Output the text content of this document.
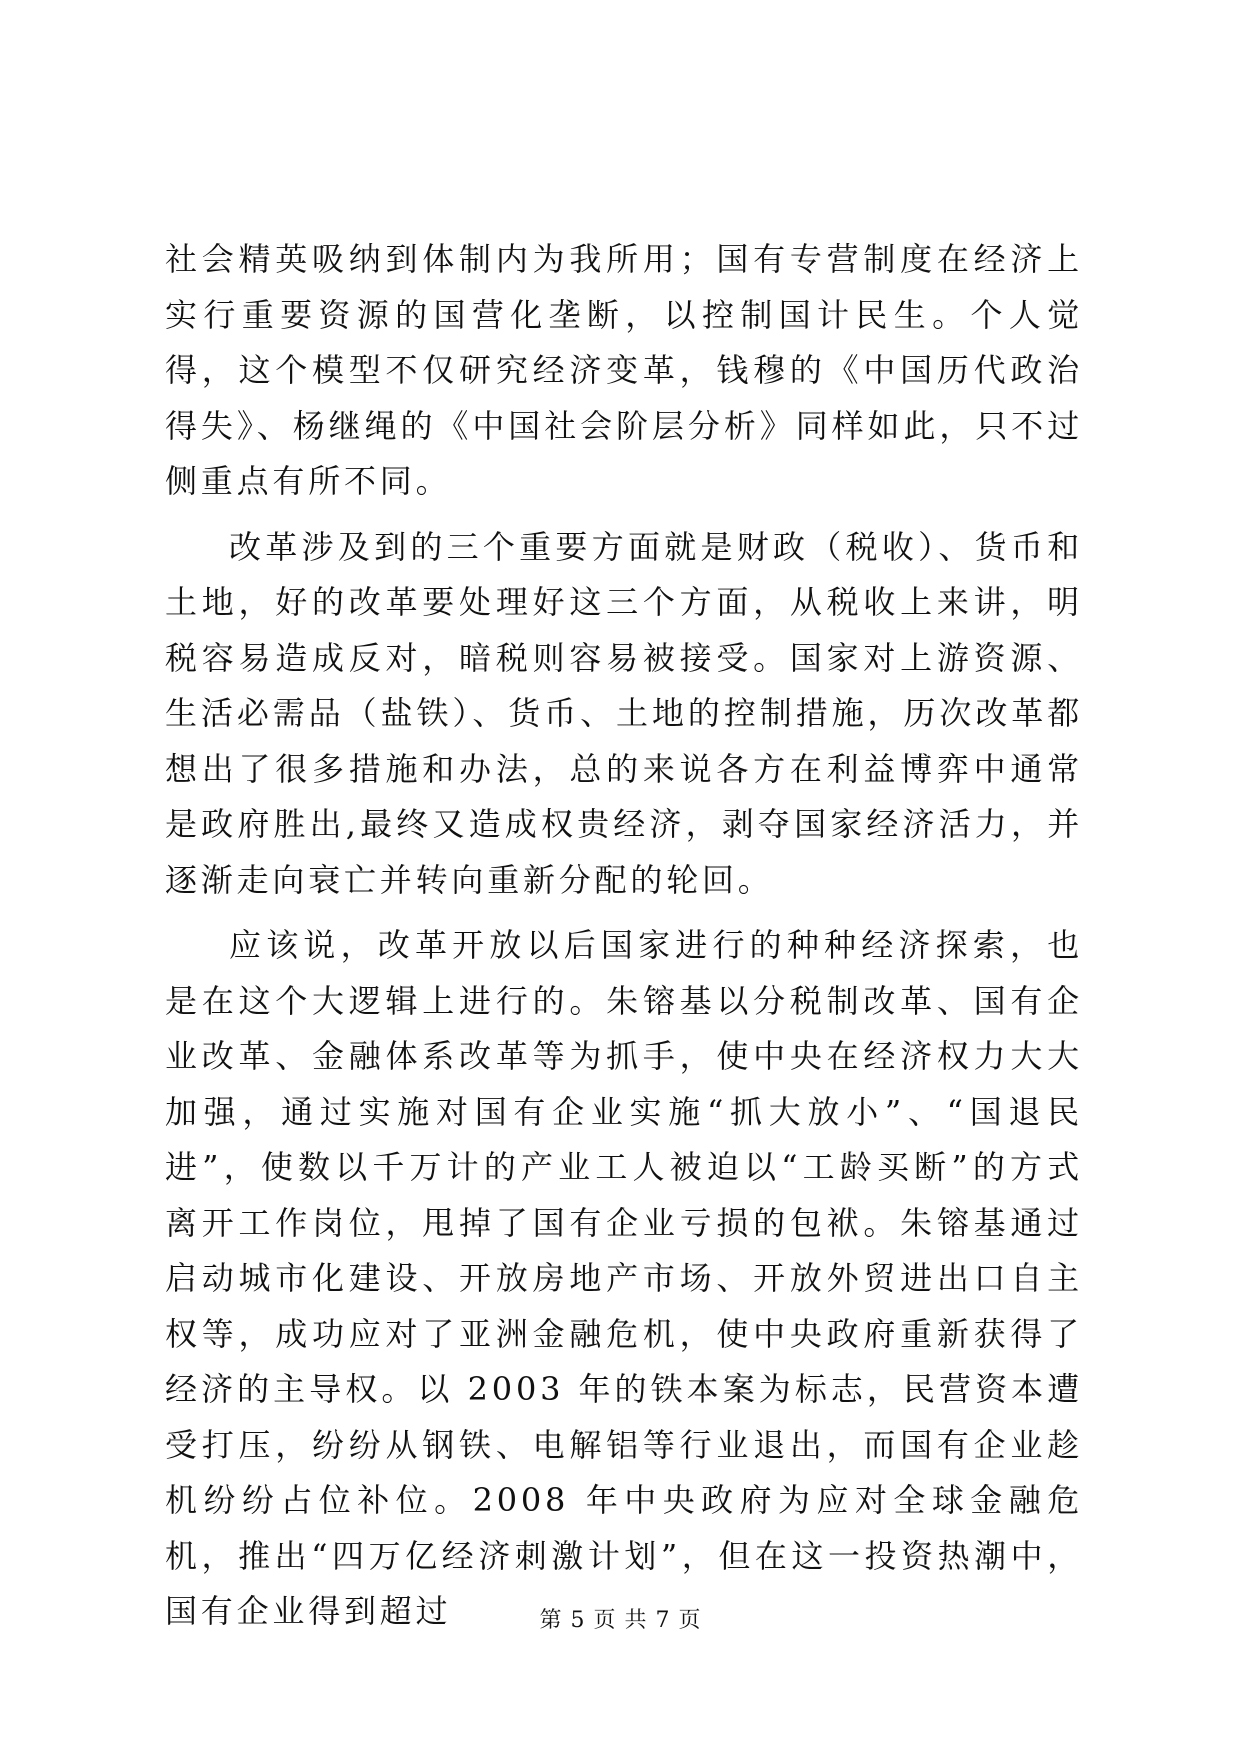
社会精英吸纳到体制内为我所用；国有专营制度在经济上实行重要资源的国营化垄断，以控制国计民生。个人觉得，这个模型不仅研究经济变革，钱穆的《中国历代政治得失》、杨继绳的《中国社会阶层分析》同样如此，只不过侧重点有所不同。

改革涉及到的三个重要方面就是财政（税收）、货币和土地，好的改革要处理好这三个方面，从税收上来讲，明税容易造成反对，暗税则容易被接受。国家对上游资源、生活必需品（盐铁）、货币、土地的控制措施，历次改革都想出了很多措施和办法，总的来说各方在利益博弈中通常是政府胜出,最终又造成权贵经济，剥夺国家经济活力，并逐渐走向衰亡并转向重新分配的轮回。

应该说，改革开放以后国家进行的种种经济探索，也是在这个大逻辑上进行的。朱镕基以分税制改革、国有企业改革、金融体系改革等为抓手，使中央在经济权力大大加强，通过实施对国有企业实施“抓大放小”、“国退民进”，使数以千万计的产业工人被迫以“工龄买断”的方式离开工作岗位，甩掉了国有企业亏损的包袱。朱镕基通过启动城市化建设、开放房地产市场、开放外贸进出口自主权等，成功应对了亚洲金融危机，使中央政府重新获得了经济的主导权。以 2003 年的铁本案为标志，民营资本遭受打压，纷纷从钢铁、电解铝等行业退出，而国有企业趁机纷纷占位补位。2008 年中央政府为应对全球金融危机，推出“四万亿经济刺激计划”，但在这一投资热潮中，国有企业得到超过	第 5 页 共 7 页
